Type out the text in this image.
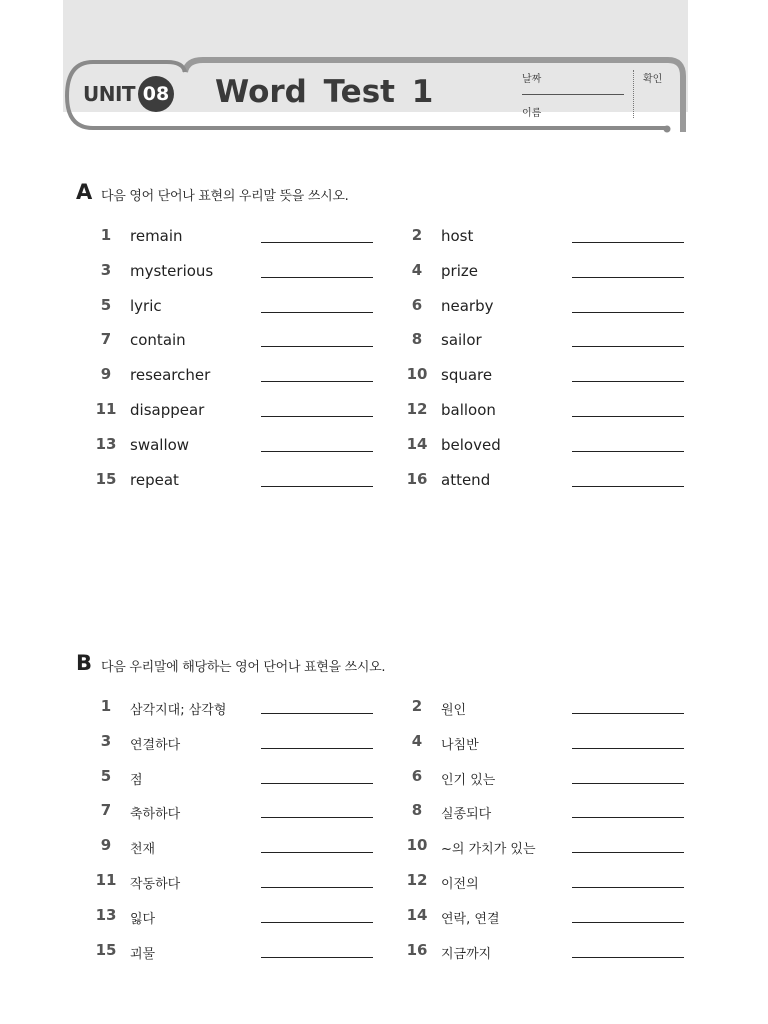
UNIT 08 Word Test 1	날짜
이름
확인
A 다음 영어 단어나 표현의 우리말 뜻을 쓰시오.
1	remain	2	host
3	mysterious	4	prize
5	lyric	6	nearby
7	contain	8	sailor
9	researcher	10 square
11 disappear	12 balloon
13 swallow	14 beloved
15 repeat	16 attend
B 다음 우리말에 해당하는 영어 단어나 표현을 쓰시오.
1	삼각지대; 삼각형	2	원인
3	연결하다	4	나침반
5	점	6	인기 있는
7	축하하다	8	실종되다
9	천재	10 ~의 가치가 있는
11 작동하다	12 이전의
13 잃다	14 연락, 연결
15 괴물	16 지금까지
